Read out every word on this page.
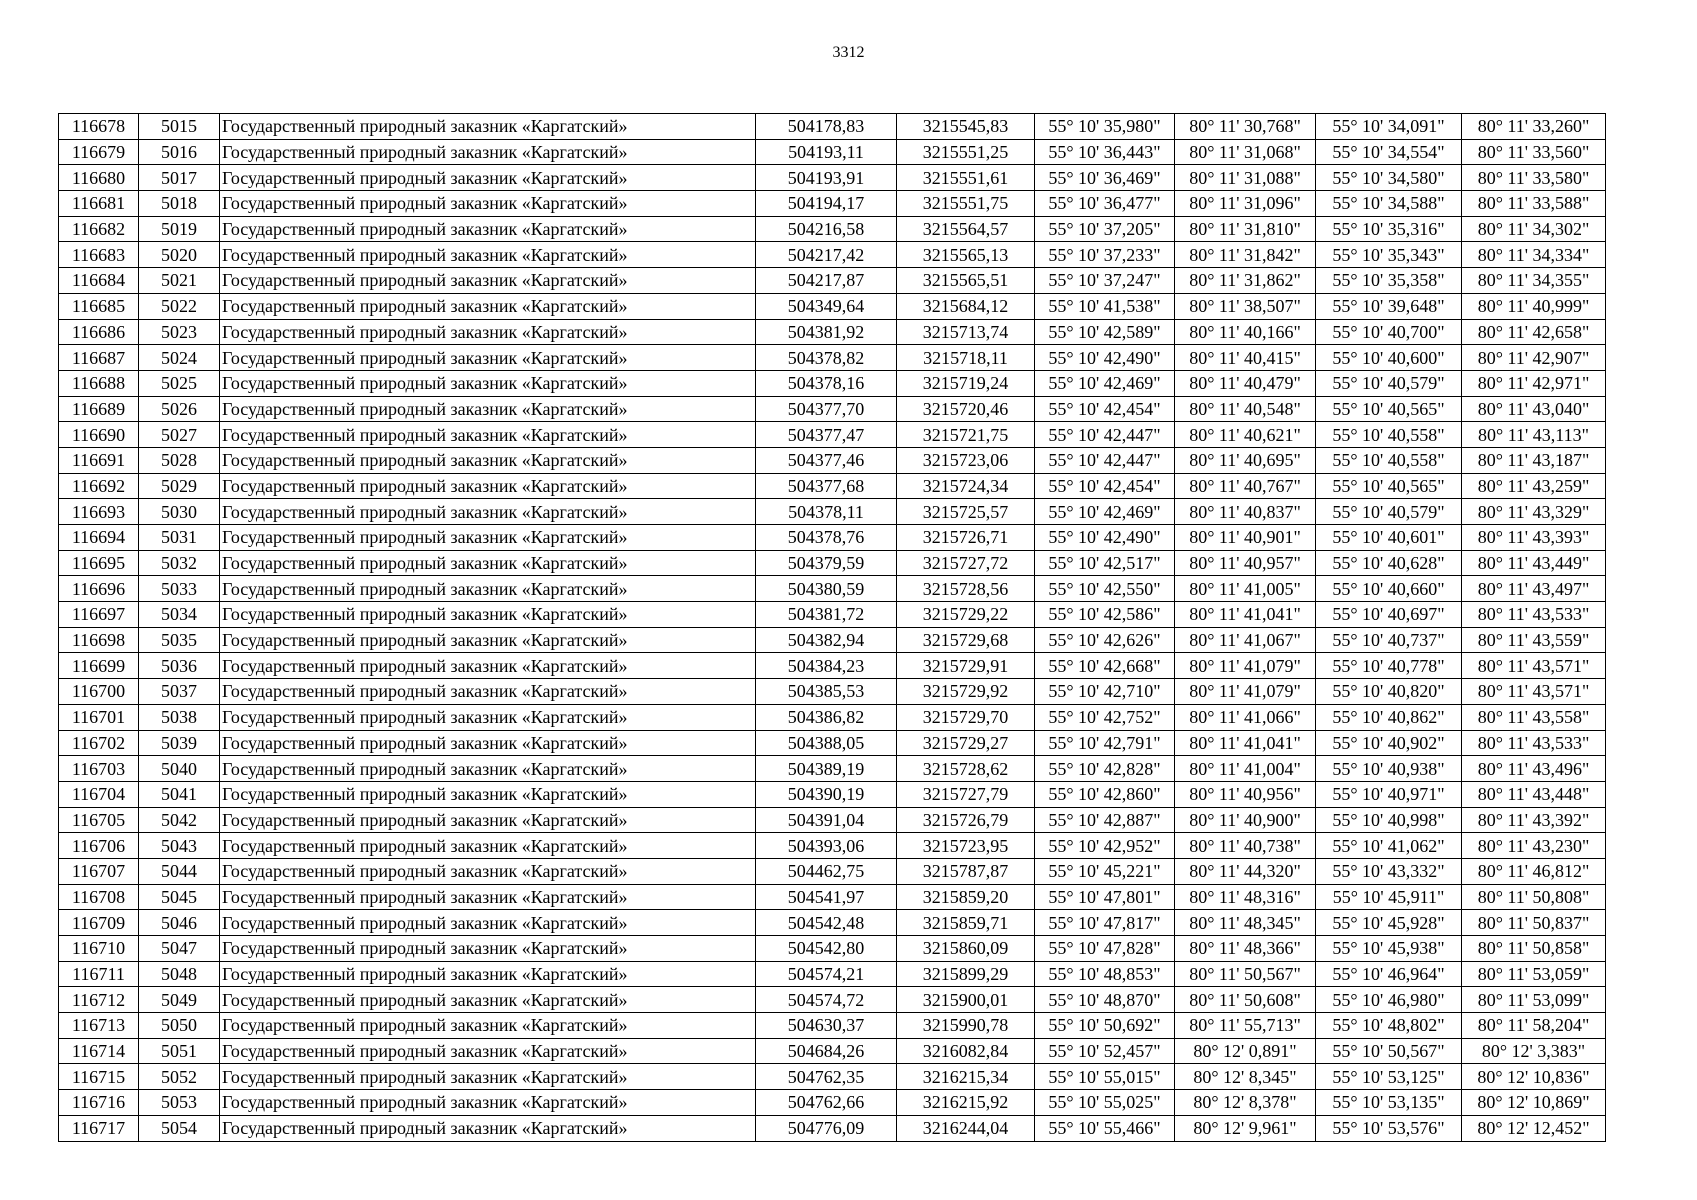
3312
116678	5015	Государственный природный заказник «Каргатский»	504178,83	3215545,83	55° 10' 35,980"	80° 11' 30,768"	55° 10' 34,091"	80° 11' 33,260"
116679	5016	Государственный природный заказник «Каргатский»	504193,11	3215551,25	55° 10' 36,443"	80° 11' 31,068"	55° 10' 34,554"	80° 11' 33,560"
116680	5017	Государственный природный заказник «Каргатский»	504193,91	3215551,61	55° 10' 36,469"	80° 11' 31,088"	55° 10' 34,580"	80° 11' 33,580"
116681	5018	Государственный природный заказник «Каргатский»	504194,17	3215551,75	55° 10' 36,477"	80° 11' 31,096"	55° 10' 34,588"	80° 11' 33,588"
116682	5019	Государственный природный заказник «Каргатский»	504216,58	3215564,57	55° 10' 37,205"	80° 11' 31,810"	55° 10' 35,316"	80° 11' 34,302"
116683	5020	Государственный природный заказник «Каргатский»	504217,42	3215565,13	55° 10' 37,233"	80° 11' 31,842"	55° 10' 35,343"	80° 11' 34,334"
116684	5021	Государственный природный заказник «Каргатский»	504217,87	3215565,51	55° 10' 37,247"	80° 11' 31,862"	55° 10' 35,358"	80° 11' 34,355"
116685	5022	Государственный природный заказник «Каргатский»	504349,64	3215684,12	55° 10' 41,538"	80° 11' 38,507"	55° 10' 39,648"	80° 11' 40,999"
116686	5023	Государственный природный заказник «Каргатский»	504381,92	3215713,74	55° 10' 42,589"	80° 11' 40,166"	55° 10' 40,700"	80° 11' 42,658"
116687	5024	Государственный природный заказник «Каргатский»	504378,82	3215718,11	55° 10' 42,490"	80° 11' 40,415"	55° 10' 40,600"	80° 11' 42,907"
116688	5025	Государственный природный заказник «Каргатский»	504378,16	3215719,24	55° 10' 42,469"	80° 11' 40,479"	55° 10' 40,579"	80° 11' 42,971"
116689	5026	Государственный природный заказник «Каргатский»	504377,70	3215720,46	55° 10' 42,454"	80° 11' 40,548"	55° 10' 40,565"	80° 11' 43,040"
116690	5027	Государственный природный заказник «Каргатский»	504377,47	3215721,75	55° 10' 42,447"	80° 11' 40,621"	55° 10' 40,558"	80° 11' 43,113"
116691	5028	Государственный природный заказник «Каргатский»	504377,46	3215723,06	55° 10' 42,447"	80° 11' 40,695"	55° 10' 40,558"	80° 11' 43,187"
116692	5029	Государственный природный заказник «Каргатский»	504377,68	3215724,34	55° 10' 42,454"	80° 11' 40,767"	55° 10' 40,565"	80° 11' 43,259"
116693	5030	Государственный природный заказник «Каргатский»	504378,11	3215725,57	55° 10' 42,469"	80° 11' 40,837"	55° 10' 40,579"	80° 11' 43,329"
116694	5031	Государственный природный заказник «Каргатский»	504378,76	3215726,71	55° 10' 42,490"	80° 11' 40,901"	55° 10' 40,601"	80° 11' 43,393"
116695	5032	Государственный природный заказник «Каргатский»	504379,59	3215727,72	55° 10' 42,517"	80° 11' 40,957"	55° 10' 40,628"	80° 11' 43,449"
116696	5033	Государственный природный заказник «Каргатский»	504380,59	3215728,56	55° 10' 42,550"	80° 11' 41,005"	55° 10' 40,660"	80° 11' 43,497"
116697	5034	Государственный природный заказник «Каргатский»	504381,72	3215729,22	55° 10' 42,586"	80° 11' 41,041"	55° 10' 40,697"	80° 11' 43,533"
116698	5035	Государственный природный заказник «Каргатский»	504382,94	3215729,68	55° 10' 42,626"	80° 11' 41,067"	55° 10' 40,737"	80° 11' 43,559"
116699	5036	Государственный природный заказник «Каргатский»	504384,23	3215729,91	55° 10' 42,668"	80° 11' 41,079"	55° 10' 40,778"	80° 11' 43,571"
116700	5037	Государственный природный заказник «Каргатский»	504385,53	3215729,92	55° 10' 42,710"	80° 11' 41,079"	55° 10' 40,820"	80° 11' 43,571"
116701	5038	Государственный природный заказник «Каргатский»	504386,82	3215729,70	55° 10' 42,752"	80° 11' 41,066"	55° 10' 40,862"	80° 11' 43,558"
116702	5039	Государственный природный заказник «Каргатский»	504388,05	3215729,27	55° 10' 42,791"	80° 11' 41,041"	55° 10' 40,902"	80° 11' 43,533"
116703	5040	Государственный природный заказник «Каргатский»	504389,19	3215728,62	55° 10' 42,828"	80° 11' 41,004"	55° 10' 40,938"	80° 11' 43,496"
116704	5041	Государственный природный заказник «Каргатский»	504390,19	3215727,79	55° 10' 42,860"	80° 11' 40,956"	55° 10' 40,971"	80° 11' 43,448"
116705	5042	Государственный природный заказник «Каргатский»	504391,04	3215726,79	55° 10' 42,887"	80° 11' 40,900"	55° 10' 40,998"	80° 11' 43,392"
116706	5043	Государственный природный заказник «Каргатский»	504393,06	3215723,95	55° 10' 42,952"	80° 11' 40,738"	55° 10' 41,062"	80° 11' 43,230"
116707	5044	Государственный природный заказник «Каргатский»	504462,75	3215787,87	55° 10' 45,221"	80° 11' 44,320"	55° 10' 43,332"	80° 11' 46,812"
116708	5045	Государственный природный заказник «Каргатский»	504541,97	3215859,20	55° 10' 47,801"	80° 11' 48,316"	55° 10' 45,911"	80° 11' 50,808"
116709	5046	Государственный природный заказник «Каргатский»	504542,48	3215859,71	55° 10' 47,817"	80° 11' 48,345"	55° 10' 45,928"	80° 11' 50,837"
116710	5047	Государственный природный заказник «Каргатский»	504542,80	3215860,09	55° 10' 47,828"	80° 11' 48,366"	55° 10' 45,938"	80° 11' 50,858"
116711	5048	Государственный природный заказник «Каргатский»	504574,21	3215899,29	55° 10' 48,853"	80° 11' 50,567"	55° 10' 46,964"	80° 11' 53,059"
116712	5049	Государственный природный заказник «Каргатский»	504574,72	3215900,01	55° 10' 48,870"	80° 11' 50,608"	55° 10' 46,980"	80° 11' 53,099"
116713	5050	Государственный природный заказник «Каргатский»	504630,37	3215990,78	55° 10' 50,692"	80° 11' 55,713"	55° 10' 48,802"	80° 11' 58,204"
116714	5051	Государственный природный заказник «Каргатский»	504684,26	3216082,84	55° 10' 52,457"	80° 12' 0,891"	55° 10' 50,567"	80° 12' 3,383"
116715	5052	Государственный природный заказник «Каргатский»	504762,35	3216215,34	55° 10' 55,015"	80° 12' 8,345"	55° 10' 53,125"	80° 12' 10,836"
116716	5053	Государственный природный заказник «Каргатский»	504762,66	3216215,92	55° 10' 55,025"	80° 12' 8,378"	55° 10' 53,135"	80° 12' 10,869"
116717	5054	Государственный природный заказник «Каргатский»	504776,09	3216244,04	55° 10' 55,466"	80° 12' 9,961"	55° 10' 53,576"	80° 12' 12,452"
